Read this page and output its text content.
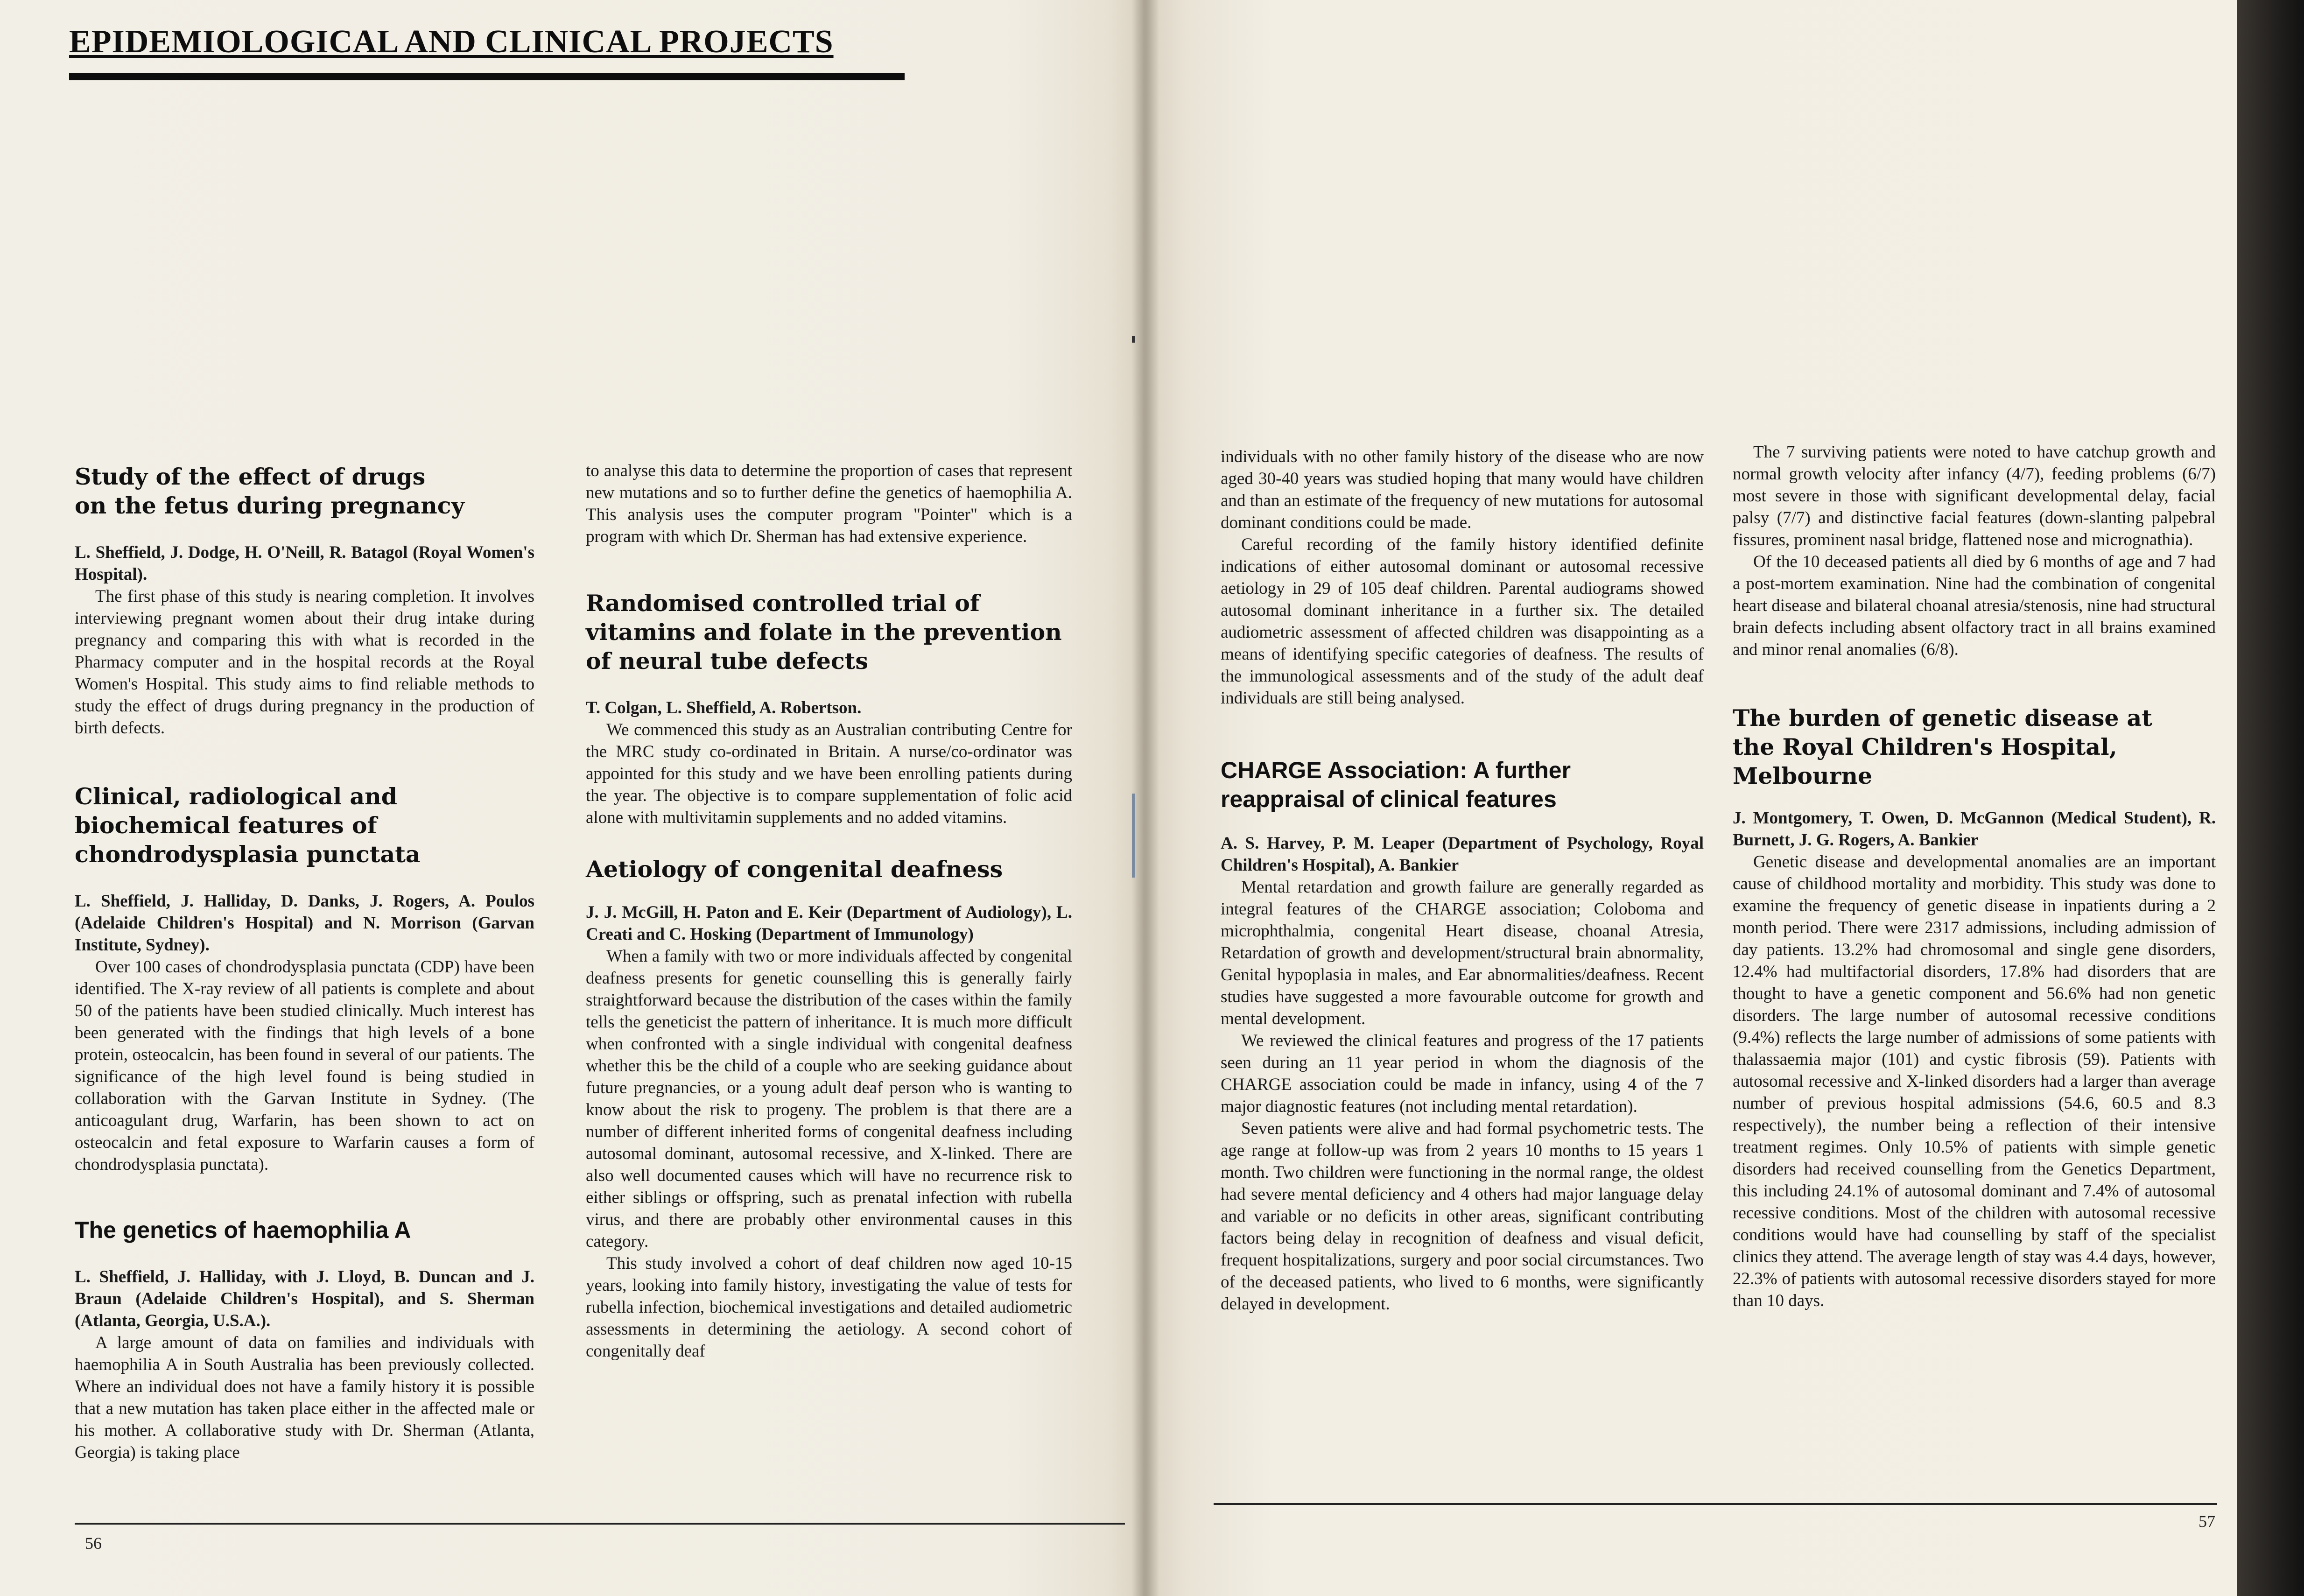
EPIDEMIOLOGICAL AND CLINICAL PROJECTS
Study of the effect of drugs
on the fetus during pregnancy

L. Sheffield, J. Dodge, H. O'Neill, R. Batagol (Royal Women's Hospital).

The first phase of this study is nearing completion. It involves interviewing pregnant women about their drug intake during pregnancy and comparing this with what is recorded in the Pharmacy computer and in the hospital records at the Royal Women's Hospital. This study aims to find reliable methods to study the effect of drugs during pregnancy in the production of birth defects.

Clinical, radiological and
biochemical features of
chondrodysplasia punctata

L. Sheffield, J. Halliday, D. Danks, J. Rogers, A. Poulos (Adelaide Children's Hospital) and N. Morrison (Garvan Institute, Sydney).

Over 100 cases of chondrodysplasia punctata (CDP) have been identified. The X-ray review of all patients is complete and about 50 of the patients have been studied clinically. Much interest has been generated with the findings that high levels of a bone protein, osteocalcin, has been found in several of our patients. The significance of the high level found is being studied in collaboration with the Garvan Institute in Sydney. (The anticoagulant drug, Warfarin, has been shown to act on osteocalcin and fetal exposure to Warfarin causes a form of chondrodysplasia punctata).

The genetics of haemophilia A

L. Sheffield, J. Halliday, with J. Lloyd, B. Duncan and J. Braun (Adelaide Children's Hospital), and S. Sherman (Atlanta, Georgia, U.S.A.).

A large amount of data on families and individuals with haemophilia A in South Australia has been previously collected. Where an individual does not have a family history it is possible that a new mutation has taken place either in the affected male or his mother. A collaborative study with Dr. Sherman (Atlanta, Georgia) is taking place

to analyse this data to determine the proportion of cases that represent new mutations and so to further define the genetics of haemophilia A. This analysis uses the computer program "Pointer" which is a program with which Dr. Sherman has had extensive experience.

Randomised controlled trial of
vitamins and folate in the prevention
of neural tube defects

T. Colgan, L. Sheffield, A. Robertson.

We commenced this study as an Australian contributing Centre for the MRC study co-ordinated in Britain. A nurse/co-ordinator was appointed for this study and we have been enrolling patients during the year. The objective is to compare supplementation of folic acid alone with multivitamin supplements and no added vitamins.

Aetiology of congenital deafness

J. J. McGill, H. Paton and E. Keir (Department of Audiology), L. Creati and C. Hosking (Department of Immunology)

When a family with two or more individuals affected by congenital deafness presents for genetic counselling this is generally fairly straightforward because the distribution of the cases within the family tells the geneticist the pattern of inheritance. It is much more difficult when confronted with a single individual with congenital deafness whether this be the child of a couple who are seeking guidance about future pregnancies, or a young adult deaf person who is wanting to know about the risk to progeny. The problem is that there are a number of different inherited forms of congenital deafness including autosomal dominant, autosomal recessive, and X-linked. There are also well documented causes which will have no recurrence risk to either siblings or offspring, such as prenatal infection with rubella virus, and there are probably other environmental causes in this category.

This study involved a cohort of deaf children now aged 10-15 years, looking into family history, investigating the value of tests for rubella infection, biochemical investigations and detailed audiometric assessments in determining the aetiology. A second cohort of congenitally deaf

individuals with no other family history of the disease who are now aged 30-40 years was studied hoping that many would have children and than an estimate of the frequency of new mutations for autosomal dominant conditions could be made.

Careful recording of the family history identified definite indications of either autosomal dominant or autosomal recessive aetiology in 29 of 105 deaf children. Parental audiograms showed autosomal dominant inheritance in a further six. The detailed audiometric assessment of affected children was disappointing as a means of identifying specific categories of deafness. The results of the immunological assessments and of the study of the adult deaf individuals are still being analysed.

CHARGE Association: A further
reappraisal of clinical features

A. S. Harvey, P. M. Leaper (Department of Psychology, Royal Children's Hospital), A. Bankier

Mental retardation and growth failure are generally regarded as integral features of the CHARGE association; Coloboma and microphthalmia, congenital Heart disease, choanal Atresia, Retardation of growth and development/structural brain abnormality, Genital hypoplasia in males, and Ear abnormalities/deafness. Recent studies have suggested a more favourable outcome for growth and mental development.

We reviewed the clinical features and progress of the 17 patients seen during an 11 year period in whom the diagnosis of the CHARGE association could be made in infancy, using 4 of the 7 major diagnostic features (not including mental retardation).

Seven patients were alive and had formal psychometric tests. The age range at follow-up was from 2 years 10 months to 15 years 1 month. Two children were functioning in the normal range, the oldest had severe mental deficiency and 4 others had major language delay and variable or no deficits in other areas, significant contributing factors being delay in recognition of deafness and visual deficit, frequent hospitalizations, surgery and poor social circumstances. Two of the deceased patients, who lived to 6 months, were significantly delayed in development.

The 7 surviving patients were noted to have catchup growth and normal growth velocity after infancy (4/7), feeding problems (6/7) most severe in those with significant developmental delay, facial palsy (7/7) and distinctive facial features (down-slanting palpebral fissures, prominent nasal bridge, flattened nose and micrognathia).

Of the 10 deceased patients all died by 6 months of age and 7 had a post-mortem examination. Nine had the combination of congenital heart disease and bilateral choanal atresia/stenosis, nine had structural brain defects including absent olfactory tract in all brains examined and minor renal anomalies (6/8).

The burden of genetic disease at
the Royal Children's Hospital,
Melbourne

J. Montgomery, T. Owen, D. McGannon (Medical Student), R. Burnett, J. G. Rogers, A. Bankier

Genetic disease and developmental anomalies are an important cause of childhood mortality and morbidity. This study was done to examine the frequency of genetic disease in inpatients during a 2 month period. There were 2317 admissions, including admission of day patients. 13.2% had chromosomal and single gene disorders, 12.4% had multifactorial disorders, 17.8% had disorders that are thought to have a genetic component and 56.6% had non genetic disorders. The large number of autosomal recessive conditions (9.4%) reflects the large number of admissions of some patients with thalassaemia major (101) and cystic fibrosis (59). Patients with autosomal recessive and X-linked disorders had a larger than average number of previous hospital admissions (54.6, 60.5 and 8.3 respectively), the number being a reflection of their intensive treatment regimes. Only 10.5% of patients with simple genetic disorders had received counselling from the Genetics Department, this including 24.1% of autosomal dominant and 7.4% of autosomal recessive conditions. Most of the children with autosomal recessive conditions would have had counselling by staff of the specialist clinics they attend. The average length of stay was 4.4 days, however, 22.3% of patients with autosomal recessive disorders stayed for more than 10 days.

56
57
